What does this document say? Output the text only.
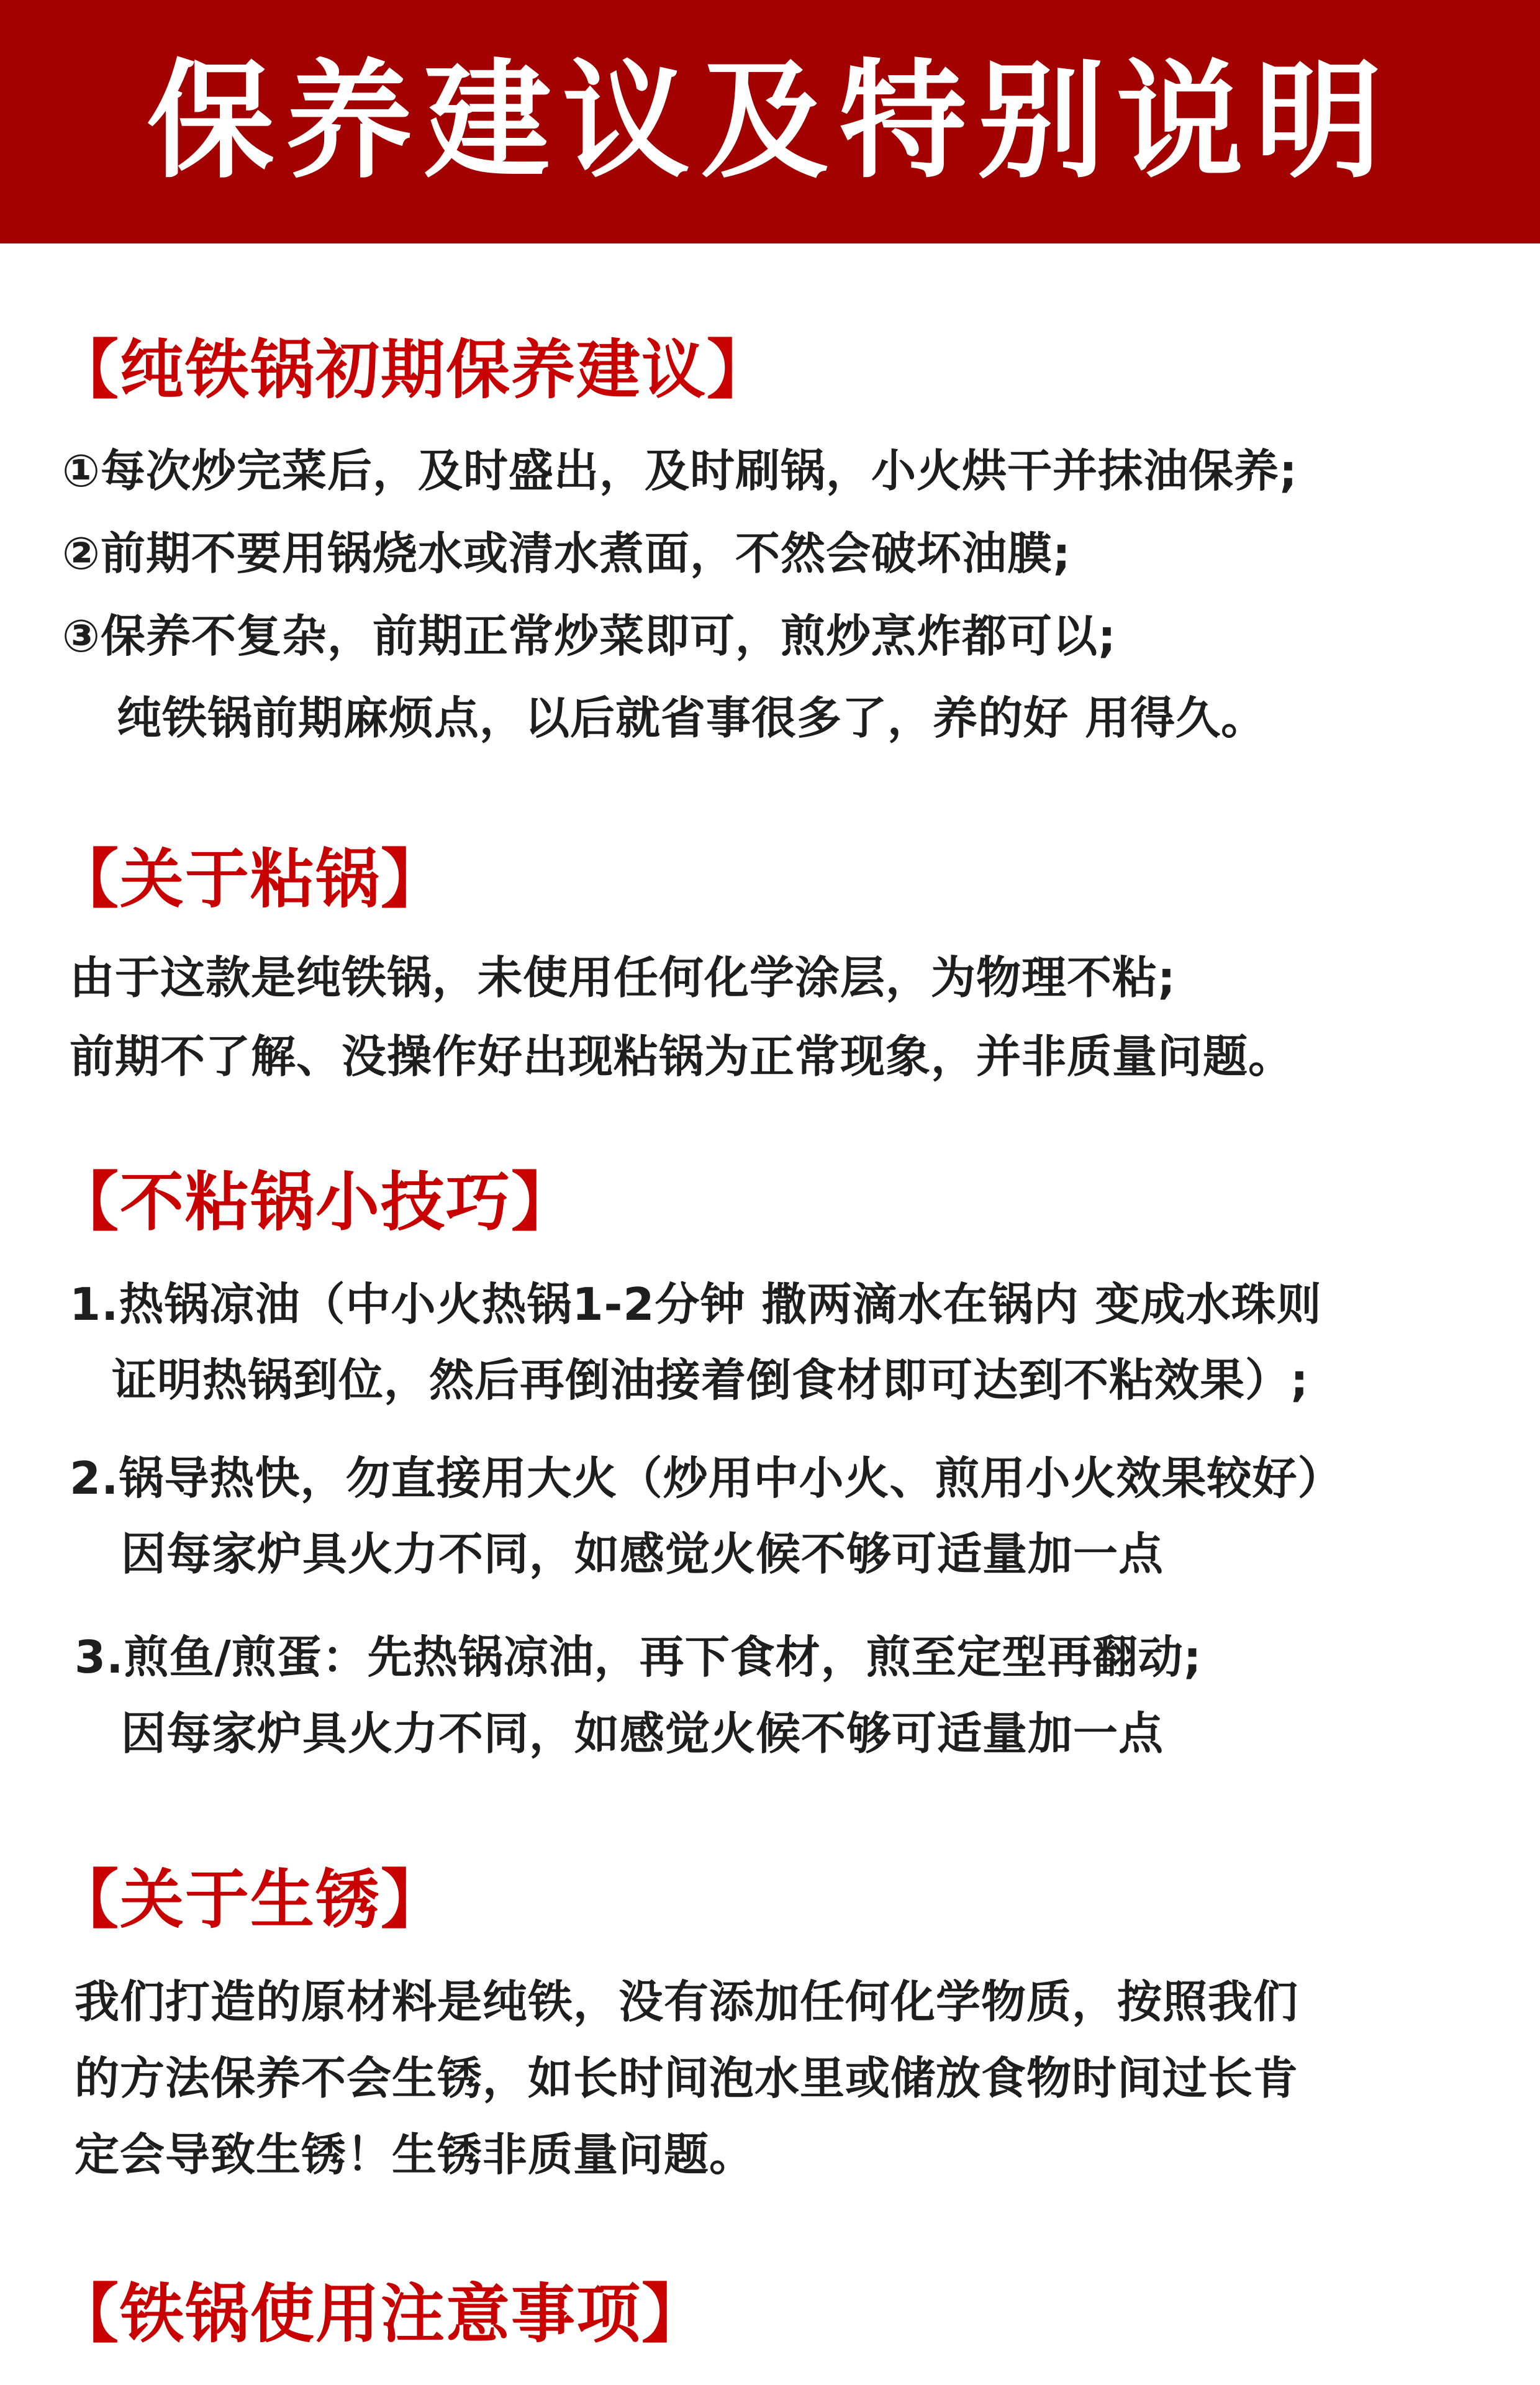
保养建议及特别说明
【纯铁锅初期保养建议】
①每次炒完菜后，及时盛出，及时刷锅，小火烘干并抹油保养;
②前期不要用锅烧水或清水煮面，不然会破坏油膜;
③保养不复杂，前期正常炒菜即可，煎炒烹炸都可以;
纯铁锅前期麻烦点，以后就省事很多了，养的好 用得久。
【关于粘锅】
由于这款是纯铁锅，未使用任何化学涂层，为物理不粘;
前期不了解、没操作好出现粘锅为正常现象，并非质量问题。
【不粘锅小技巧】
1.热锅凉油（中小火热锅1-2分钟 撒两滴水在锅内 变成水珠则
证明热锅到位，然后再倒油接着倒食材即可达到不粘效果）;
2.锅导热快，勿直接用大火（炒用中小火、煎用小火效果较好）
因每家炉具火力不同，如感觉火候不够可适量加一点
3.煎鱼/煎蛋：先热锅凉油，再下食材，煎至定型再翻动;
因每家炉具火力不同，如感觉火候不够可适量加一点
【关于生锈】
我们打造的原材料是纯铁，没有添加任何化学物质，按照我们
的方法保养不会生锈，如长时间泡水里或储放食物时间过长肯
定会导致生锈！生锈非质量问题。
【铁锅使用注意事项】
